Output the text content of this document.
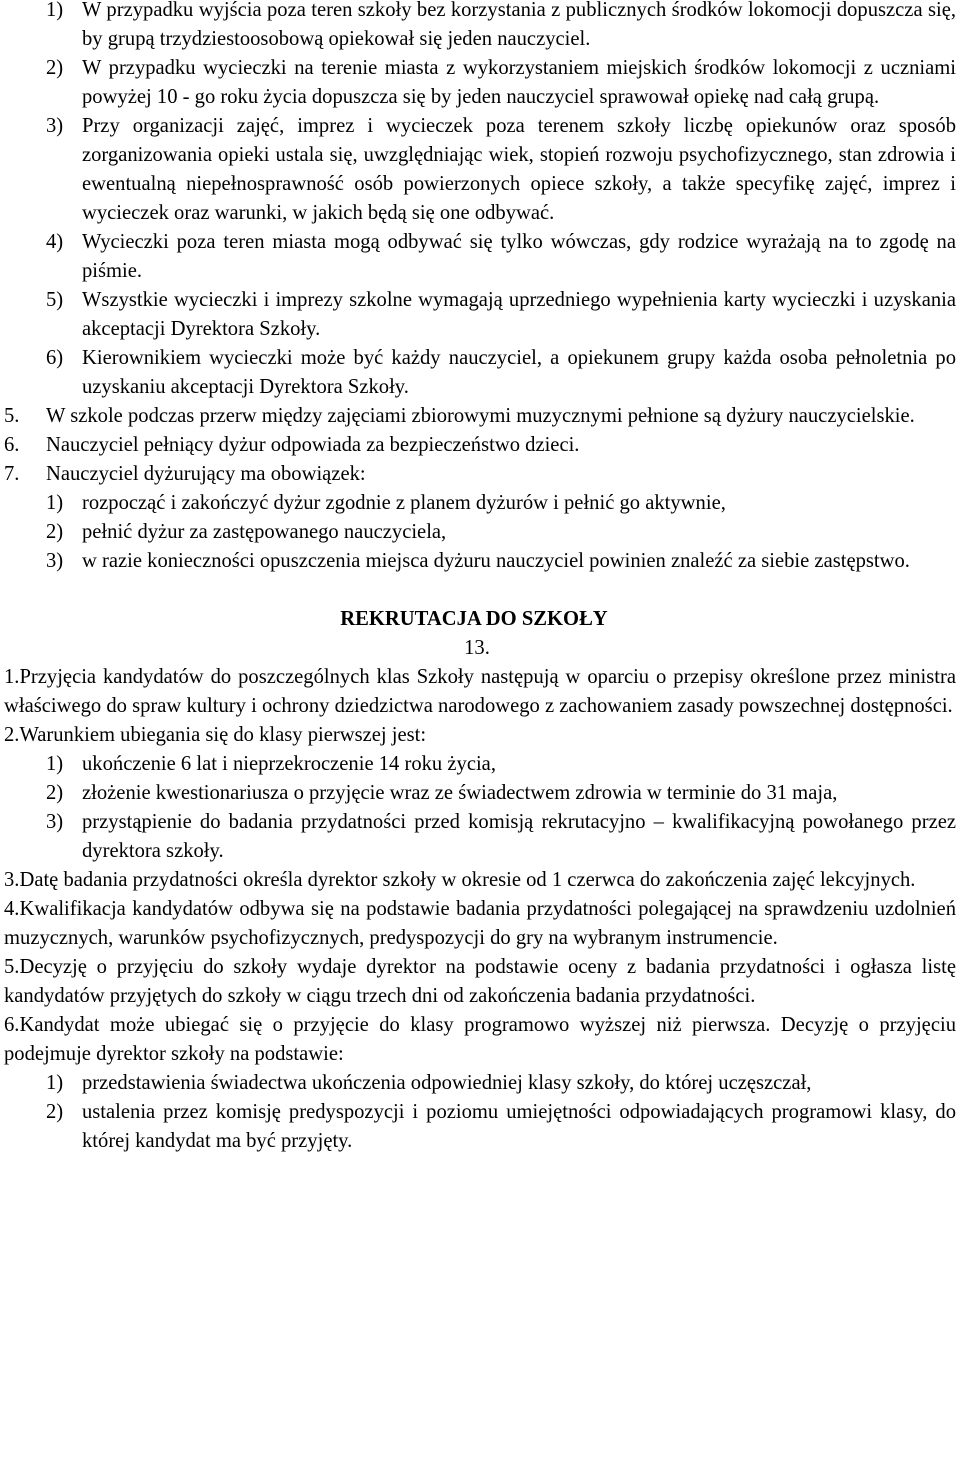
1) W przypadku wyjścia poza teren szkoły bez korzystania z publicznych środków lokomocji dopuszcza się, by grupą trzydziestoosobową opiekował się jeden nauczyciel.
2) W przypadku wycieczki na terenie miasta z wykorzystaniem miejskich środków lokomocji z uczniami powyżej 10 - go roku życia dopuszcza się by jeden nauczyciel sprawował opiekę nad całą grupą.
3) Przy organizacji zajęć, imprez i wycieczek poza terenem szkoły liczbę opiekunów oraz sposób zorganizowania opieki ustala się, uwzględniając wiek, stopień rozwoju psychofizycznego, stan zdrowia i ewentualną niepełnosprawność osób powierzonych opiece szkoły, a także specyfikę zajęć, imprez i wycieczek oraz warunki, w jakich będą się one odbywać.
4) Wycieczki poza teren miasta mogą odbywać się tylko wówczas, gdy rodzice wyrażają na to zgodę na piśmie.
5) Wszystkie wycieczki i imprezy szkolne wymagają uprzedniego wypełnienia karty wycieczki i uzyskania akceptacji Dyrektora Szkoły.
6) Kierownikiem wycieczki może być każdy nauczyciel, a opiekunem grupy każda osoba pełnoletnia po uzyskaniu akceptacji Dyrektora Szkoły.
5.	W szkole podczas przerw między zajęciami zbiorowymi muzycznymi pełnione są dyżury nauczycielskie.
6.	Nauczyciel pełniący dyżur odpowiada za bezpieczeństwo dzieci.
7.	Nauczyciel dyżurujący ma obowiązek:
1) rozpocząć i zakończyć dyżur zgodnie z planem dyżurów i pełnić go aktywnie,
2) pełnić dyżur za zastępowanego nauczyciela,
3) w razie konieczności opuszczenia miejsca dyżuru nauczyciel powinien znaleźć za siebie zastępstwo.
REKRUTACJA DO SZKOŁY
13.
1.Przyjęcia kandydatów do poszczególnych klas Szkoły następują w oparciu o przepisy określone przez ministra właściwego do spraw kultury i ochrony dziedzictwa narodowego z zachowaniem zasady powszechnej dostępności.
2.Warunkiem ubiegania się do klasy pierwszej jest:
1) ukończenie 6 lat i nieprzekroczenie 14 roku życia,
2) złożenie kwestionariusza o przyjęcie wraz ze świadectwem zdrowia w terminie do 31 maja,
3) przystąpienie do badania przydatności przed komisją rekrutacyjno – kwalifikacyjną powołanego przez dyrektora szkoły.
3.Datę badania przydatności określa dyrektor szkoły w okresie od 1 czerwca do zakończenia zajęć lekcyjnych.
4.Kwalifikacja kandydatów odbywa się na podstawie badania przydatności polegającej na sprawdzeniu uzdolnień muzycznych, warunków psychofizycznych, predyspozycji do gry na wybranym instrumencie.
5.Decyzję o przyjęciu do szkoły wydaje dyrektor na podstawie oceny z badania przydatności i ogłasza listę kandydatów przyjętych do szkoły w ciągu trzech dni od zakończenia badania przydatności.
6.Kandydat może ubiegać się o przyjęcie do klasy programowo wyższej niż pierwsza. Decyzję o przyjęciu podejmuje dyrektor szkoły na podstawie:
1) przedstawienia świadectwa ukończenia odpowiedniej klasy szkoły, do której uczęszczał,
2) ustalenia przez komisję predyspozycji i poziomu umiejętności odpowiadających programowi klasy, do której kandydat ma być przyjęty.
